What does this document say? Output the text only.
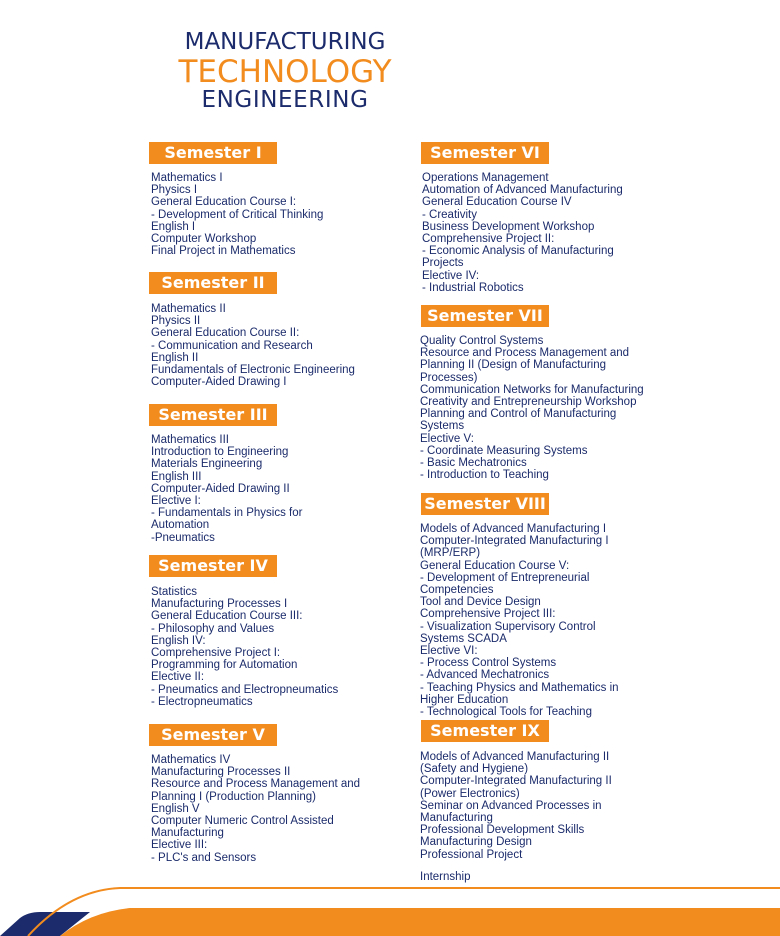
MANUFACTURING
TECHNOLOGY
ENGINEERING
Semester I
Mathematics I
Physics I
General Education Course I:
- Development of Critical Thinking
English I
Computer Workshop
Final Project in Mathematics
Semester II
Mathematics II
Physics II
General Education Course II:
- Communication and Research
English II
Fundamentals of Electronic Engineering
Computer-Aided Drawing I
Semester III
Mathematics III
Introduction to Engineering
Materials Engineering
English III
Computer-Aided Drawing II
Elective I:
- Fundamentals in Physics for
Automation
-Pneumatics
Semester IV
Statistics
Manufacturing Processes I
General Education Course III:
- Philosophy and Values
English IV:
Comprehensive Project I:
Programming for Automation
Elective II:
- Pneumatics and Electropneumatics
- Electropneumatics
Semester V
Mathematics IV
Manufacturing Processes II
Resource and Process Management and
Planning I (Production Planning)
English V
Computer Numeric Control Assisted
Manufacturing
Elective III:
- PLC's and Sensors
Semester VI
Operations Management
Automation of Advanced Manufacturing
General Education Course IV
- Creativity
Business Development Workshop
Comprehensive Project II:
- Economic Analysis of Manufacturing
Projects
Elective IV:
- Industrial Robotics
Semester VII
Quality Control Systems
Resource and Process Management and
Planning II (Design of Manufacturing
Processes)
Communication Networks for Manufacturing
Creativity and Entrepreneurship Workshop
Planning and Control of Manufacturing
Systems
Elective V:
- Coordinate Measuring Systems
- Basic Mechatronics
- Introduction to Teaching
Semester VIII
Models of Advanced Manufacturing I
Computer-Integrated Manufacturing I
(MRP/ERP)
General Education Course V:
- Development of Entrepreneurial
Competencies
Tool and Device Design
Comprehensive Project III:
- Visualization Supervisory Control
Systems SCADA
Elective VI:
- Process Control Systems
- Advanced Mechatronics
- Teaching Physics and Mathematics in
Higher Education
- Technological Tools for Teaching
Semester IX
Models of Advanced Manufacturing II
(Safety and Hygiene)
Computer-Integrated Manufacturing II
(Power Electronics)
Seminar on Advanced Processes in
Manufacturing
Professional Development Skills
Manufacturing Design
Professional Project
Internship
